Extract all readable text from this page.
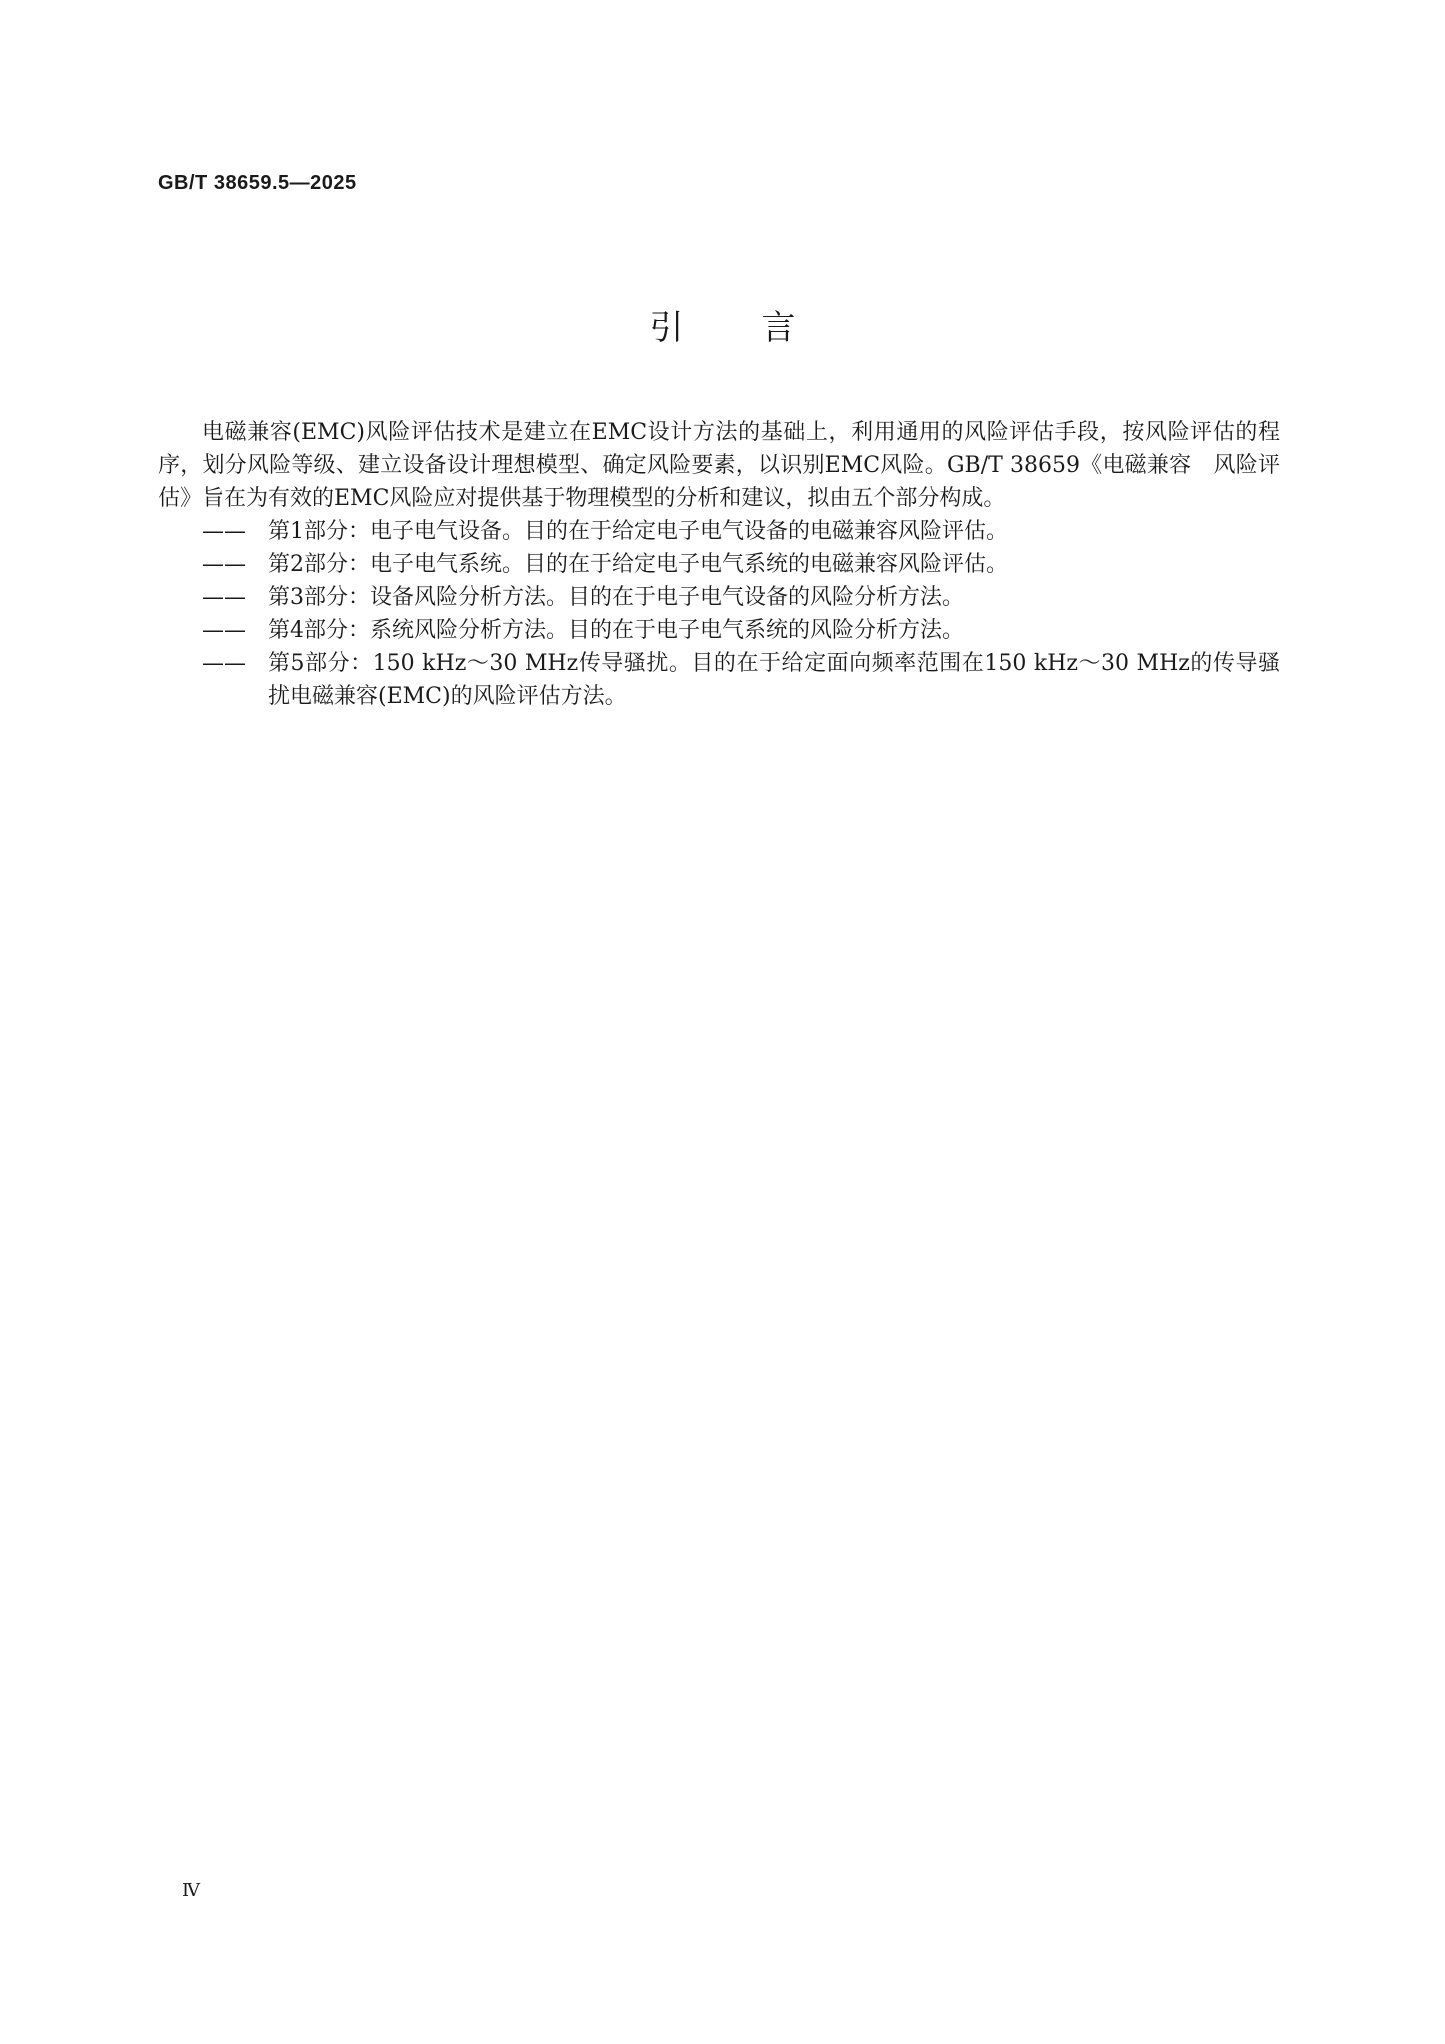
GB/T 38659.5—2025
引言

电磁兼容(EMC)风险评估技术是建立在EMC设计方法的基础上，利用通用的风险评估手段，按风险评估的程序，划分风险等级、建立设备设计理想模型、确定风险要素，以识别EMC风险。GB/T 38659《电磁兼容　风险评估》旨在为有效的EMC风险应对提供基于物理模型的分析和建议，拟由五个部分构成。

——	第1部分：电子电气设备。目的在于给定电子电气设备的电磁兼容风险评估。
——	第2部分：电子电气系统。目的在于给定电子电气系统的电磁兼容风险评估。
——	第3部分：设备风险分析方法。目的在于电子电气设备的风险分析方法。
——	第4部分：系统风险分析方法。目的在于电子电气系统的风险分析方法。
——	第5部分：150 kHz～30 MHz传导骚扰。目的在于给定面向频率范围在150 kHz～30 MHz的传导骚扰电磁兼容(EMC)的风险评估方法。
Ⅳ
